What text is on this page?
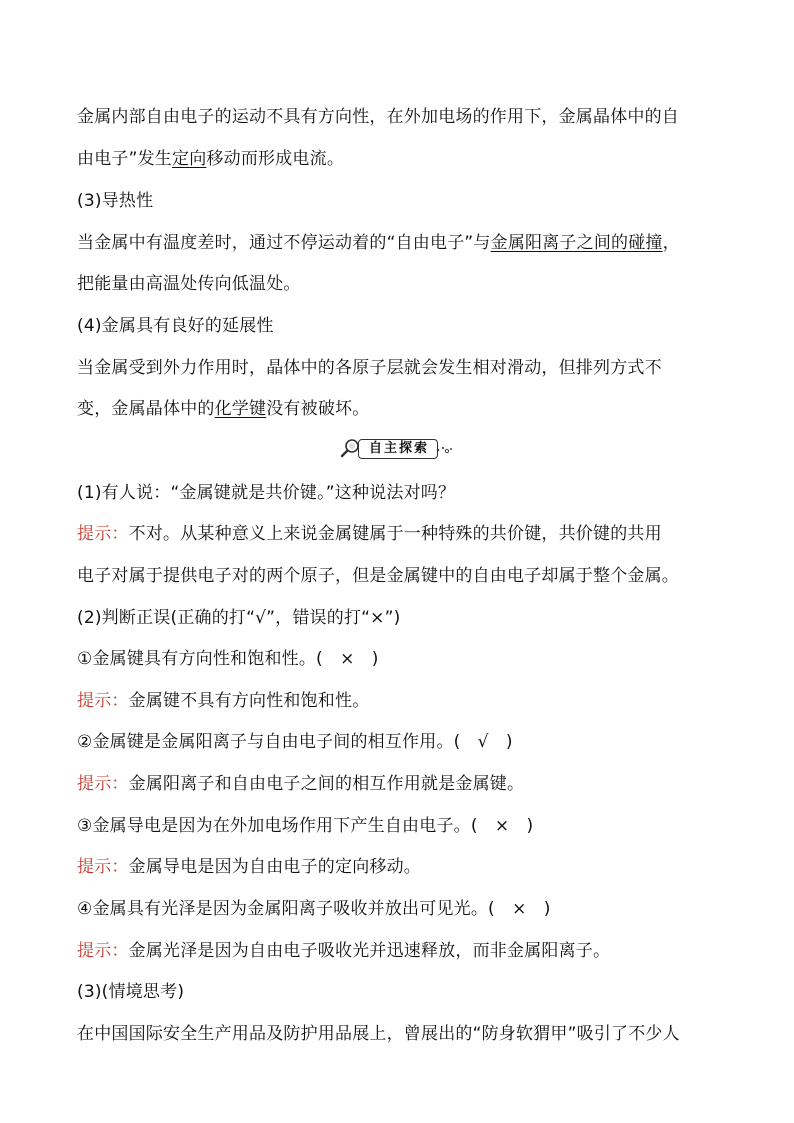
金属内部自由电子的运动不具有方向性，在外加电场的作用下，金属晶体中的自
由电子”发生定向移动而形成电流。
(3)导热性
当金属中有温度差时，通过不停运动着的“自由电子”与金属阳离子之间的碰撞，
把能量由高温处传向低温处。
(4)金属具有良好的延展性
当金属受到外力作用时，晶体中的各原子层就会发生相对滑动，但排列方式不
变，金属晶体中的化学键没有被破坏。
自主探索
(1)有人说：“金属键就是共价键。”这种说法对吗？
提示：不对。从某种意义上来说金属键属于一种特殊的共价键，共价键的共用
电子对属于提供电子对的两个原子，但是金属键中的自由电子却属于整个金属。
(2)判断正误(正确的打“√”，错误的打“×”)
①金属键具有方向性和饱和性。(　×　)
提示：金属键不具有方向性和饱和性。
②金属键是金属阳离子与自由电子间的相互作用。(　√　)
提示：金属阳离子和自由电子之间的相互作用就是金属键。
③金属导电是因为在外加电场作用下产生自由电子。(　×　)
提示：金属导电是因为自由电子的定向移动。
④金属具有光泽是因为金属阳离子吸收并放出可见光。(　×　)
提示：金属光泽是因为自由电子吸收光并迅速释放，而非金属阳离子。
(3)(情境思考)
在中国国际安全生产用品及防护用品展上，曾展出的“防身软猬甲”吸引了不少人
